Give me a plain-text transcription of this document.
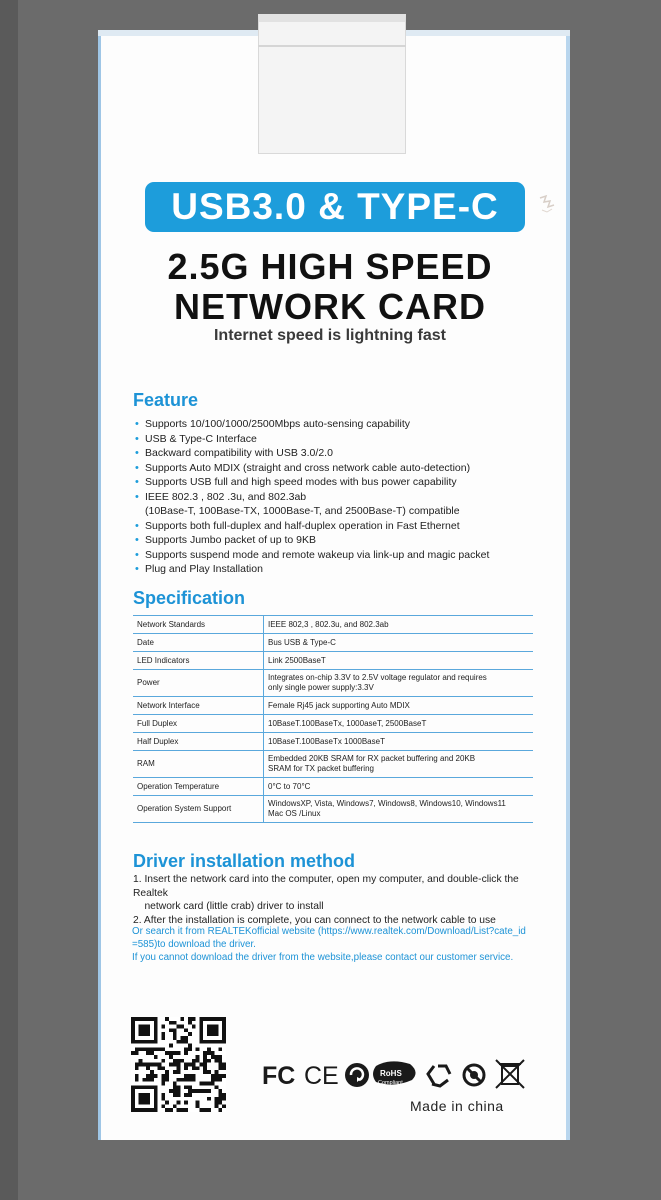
USB3.0 & TYPE-C
2.5G HIGH SPEED
NETWORK CARD
Internet speed is lightning fast
Feature
• Supports 10/100/1000/2500Mbps auto-sensing capability
• USB & Type-C Interface
• Backward compatibility with USB 3.0/2.0
• Supports Auto MDIX (straight and cross network cable auto-detection)
• Supports USB full and high speed modes with bus power capability
• IEEE 802.3 , 802 .3u, and 802.3ab
(10Base-T, 100Base-TX, 1000Base-T, and 2500Base-T) compatible
• Supports both full-duplex and half-duplex operation in Fast Ethernet
• Supports Jumbo packet of up to 9KB
• Supports suspend mode and remote wakeup via link-up and magic packet
• Plug and Play Installation
Specification
Network Standards	IEEE 802,3 , 802.3u, and 802.3ab
Date	Bus USB & Type-C
LED Indicators	Link 2500BaseT
Power	Integrates on-chip 3.3V to 2.5V voltage regulator and requires
only single power supply:3.3V
Network Interface	Female Rj45 jack supporting Auto MDIX
Full Duplex	10BaseT.100BaseTx, 1000aseT, 2500BaseT
Half Duplex	10BaseT.100BaseTx 1000BaseT
RAM	Embedded 20KB SRAM for RX packet buffering and 20KB
SRAM for TX packet buffering
Operation Temperature	0°C to 70°C
Operation System Support	WindowsXP, Vista, Windows7, Windows8, Windows10, Windows11
Mac OS /Linux
Driver installation method
1. Insert the network card into the computer, open my computer, and double-click the Realtek
network card (little crab) driver to install
2. After the installation is complete, you can connect to the network cable to use
Or search it from REALTEKofficial website (https://www.realtek.com/Download/List?cate_id
=585)to download the driver.
If you cannot download the driver from the website,please contact our customer service.
FC CE	RoHS
Compliant
Made in china
